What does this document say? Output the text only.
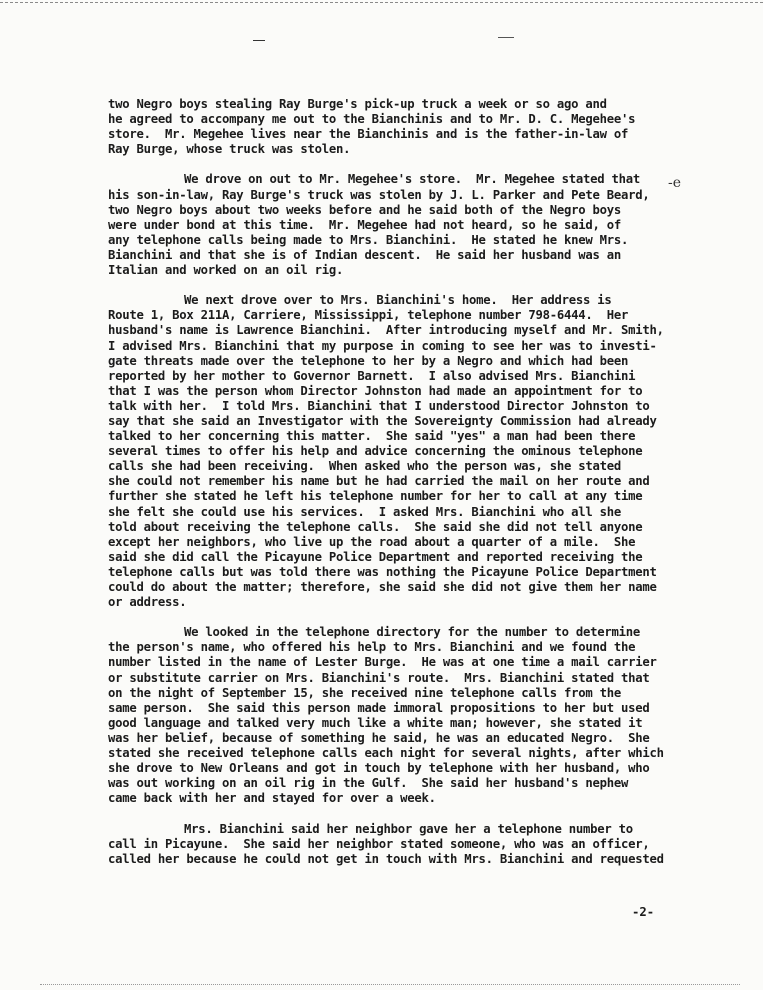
-e
two Negro boys stealing Ray Burge's pick-up truck a week or so ago and
he agreed to accompany me out to the Bianchinis and to Mr. D. C. Megehee's
store.  Mr. Megehee lives near the Bianchinis and is the father-in-law of
Ray Burge, whose truck was stolen.
We drove on out to Mr. Megehee's store.  Mr. Megehee stated that
his son-in-law, Ray Burge's truck was stolen by J. L. Parker and Pete Beard,
two Negro boys about two weeks before and he said both of the Negro boys
were under bond at this time.  Mr. Megehee had not heard, so he said, of
any telephone calls being made to Mrs. Bianchini.  He stated he knew Mrs.
Bianchini and that she is of Indian descent.  He said her husband was an
Italian and worked on an oil rig.
We next drove over to Mrs. Bianchini's home.  Her address is
Route 1, Box 211A, Carriere, Mississippi, telephone number 798-6444.  Her
husband's name is Lawrence Bianchini.  After introducing myself and Mr. Smith,
I advised Mrs. Bianchini that my purpose in coming to see her was to investi-
gate threats made over the telephone to her by a Negro and which had been
reported by her mother to Governor Barnett.  I also advised Mrs. Bianchini
that I was the person whom Director Johnston had made an appointment for to
talk with her.  I told Mrs. Bianchini that I understood Director Johnston to
say that she said an Investigator with the Sovereignty Commission had already
talked to her concerning this matter.  She said "yes" a man had been there
several times to offer his help and advice concerning the ominous telephone
calls she had been receiving.  When asked who the person was, she stated
she could not remember his name but he had carried the mail on her route and
further she stated he left his telephone number for her to call at any time
she felt she could use his services.  I asked Mrs. Bianchini who all she
told about receiving the telephone calls.  She said she did not tell anyone
except her neighbors, who live up the road about a quarter of a mile.  She
said she did call the Picayune Police Department and reported receiving the
telephone calls but was told there was nothing the Picayune Police Department
could do about the matter; therefore, she said she did not give them her name
or address.
We looked in the telephone directory for the number to determine
the person's name, who offered his help to Mrs. Bianchini and we found the
number listed in the name of Lester Burge.  He was at one time a mail carrier
or substitute carrier on Mrs. Bianchini's route.  Mrs. Bianchini stated that
on the night of September 15, she received nine telephone calls from the
same person.  She said this person made immoral propositions to her but used
good language and talked very much like a white man; however, she stated it
was her belief, because of something he said, he was an educated Negro.  She
stated she received telephone calls each night for several nights, after which
she drove to New Orleans and got in touch by telephone with her husband, who
was out working on an oil rig in the Gulf.  She said her husband's nephew
came back with her and stayed for over a week.
Mrs. Bianchini said her neighbor gave her a telephone number to
call in Picayune.  She said her neighbor stated someone, who was an officer,
called her because he could not get in touch with Mrs. Bianchini and requested
-2-
